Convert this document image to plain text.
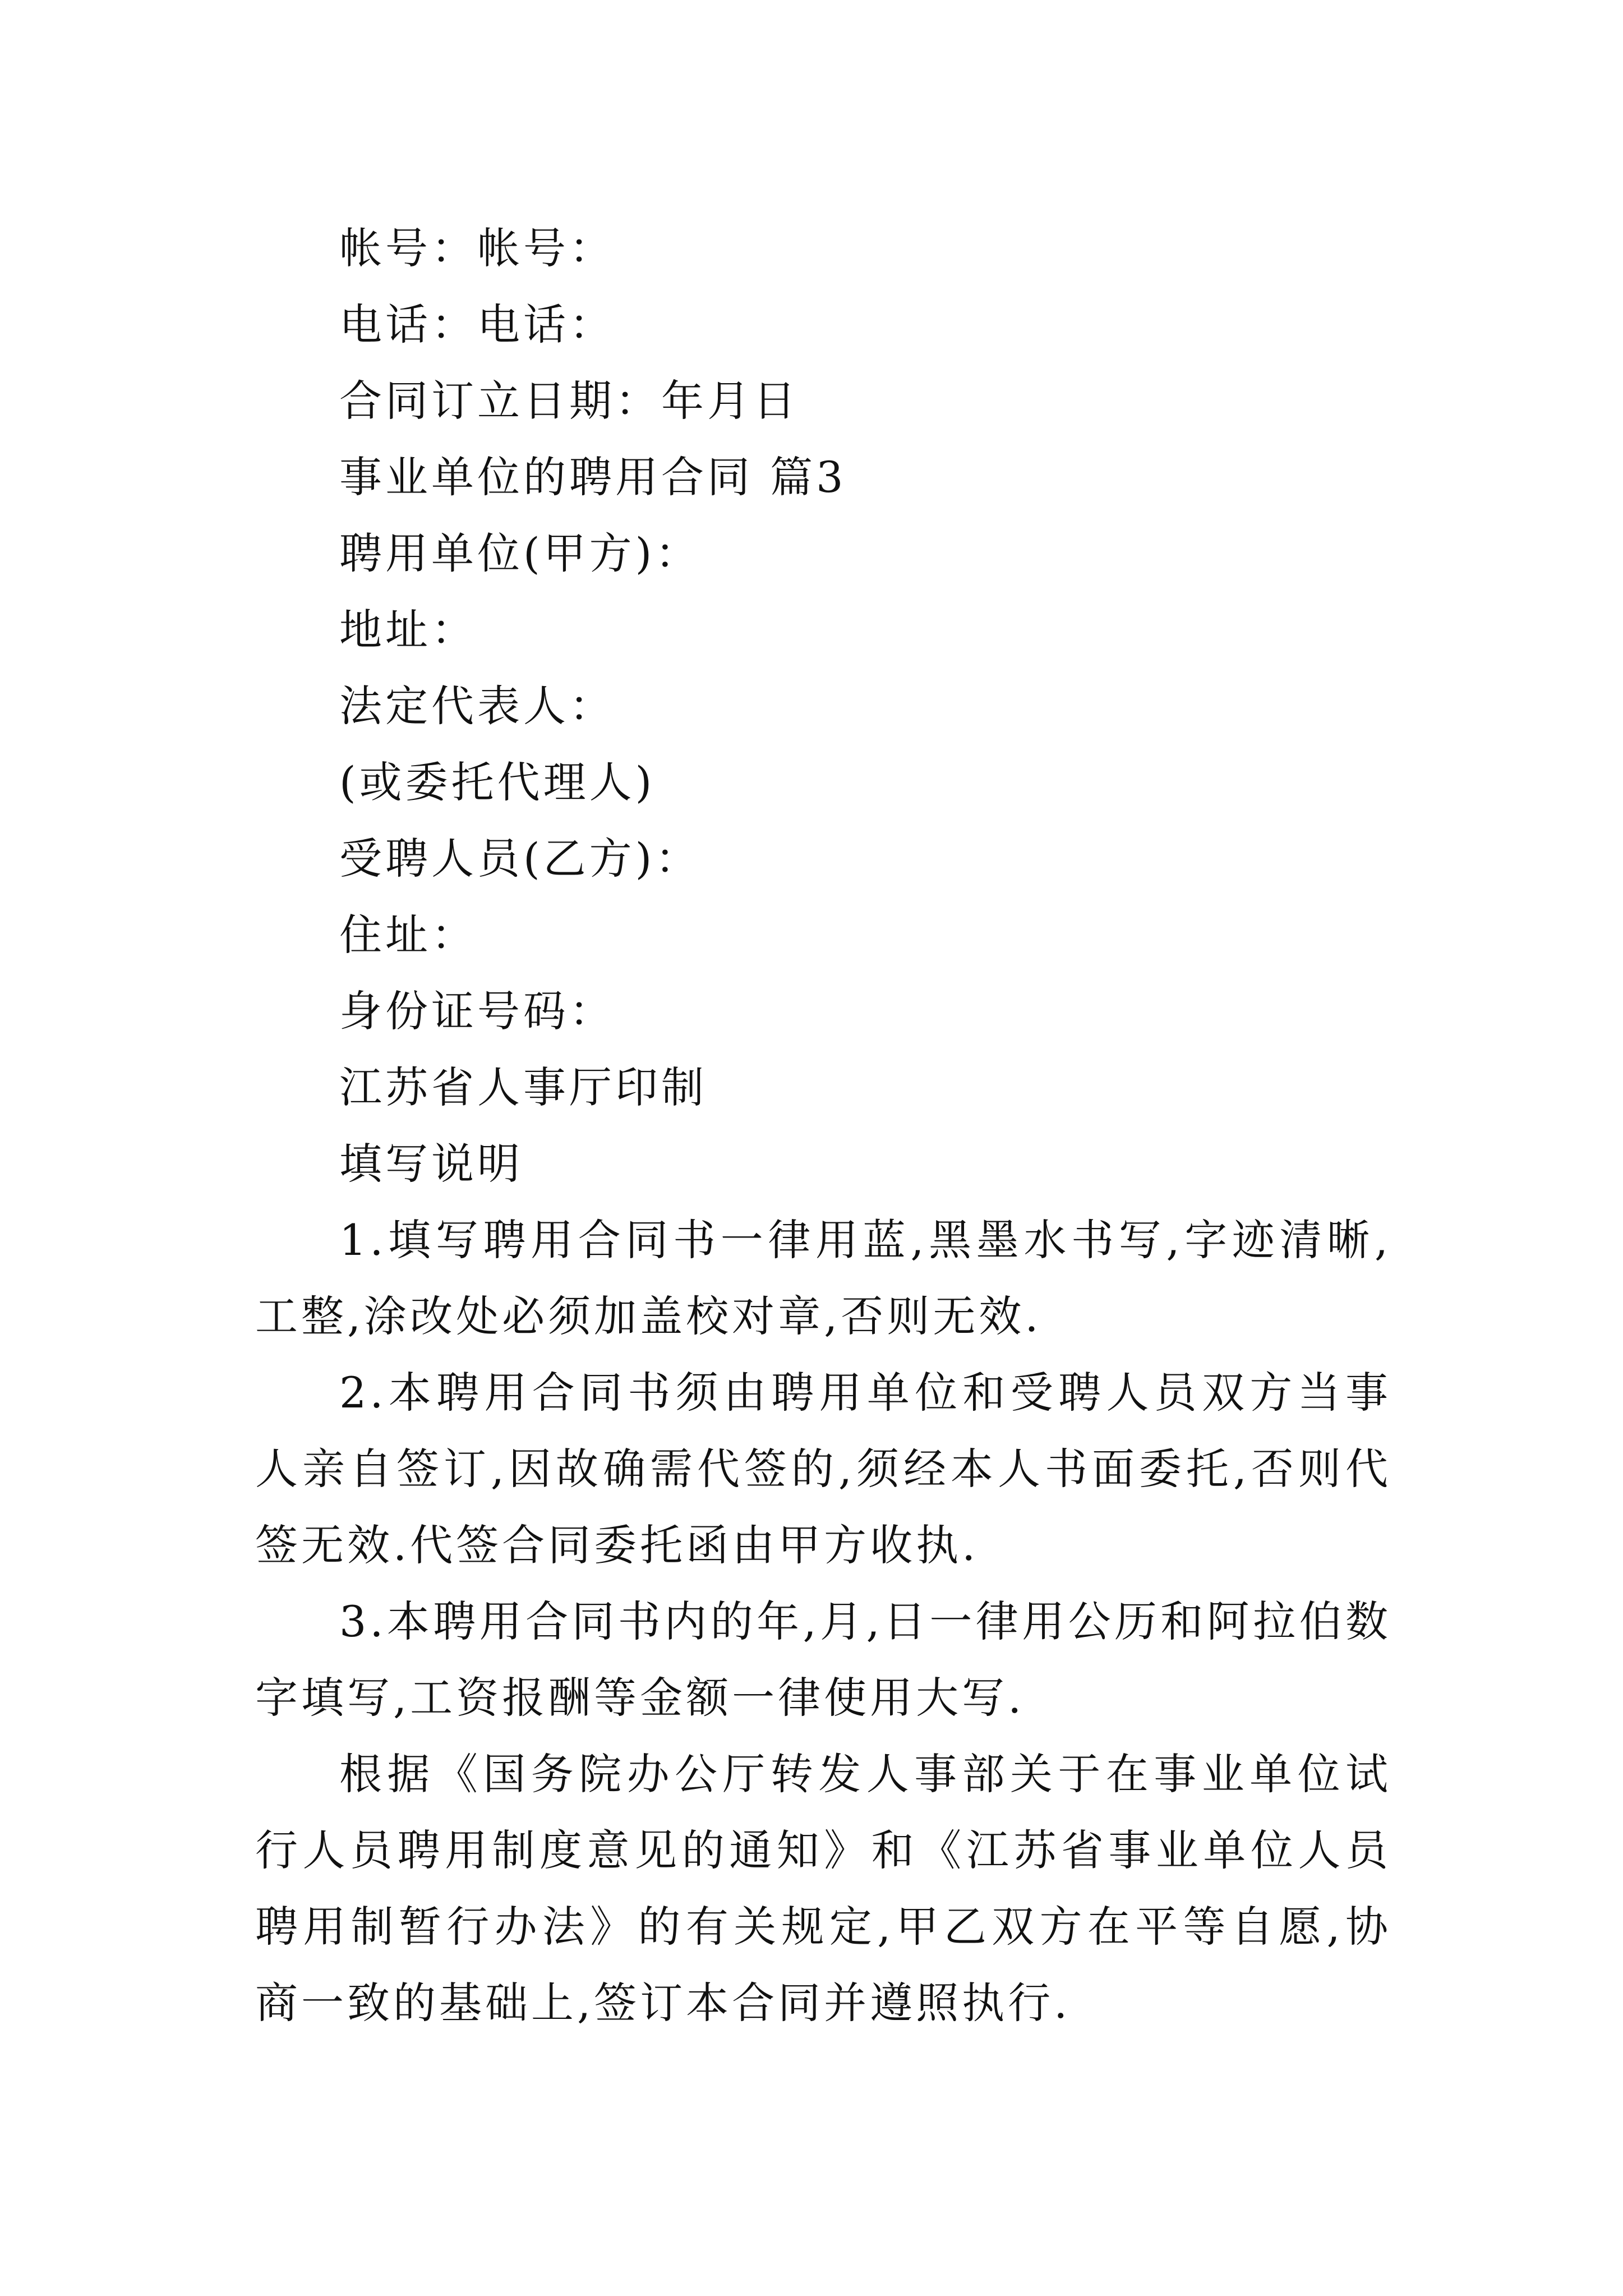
帐号：帐号：
电话：电话：
合同订立日期：年月日
事业单位的聘用合同 篇3
聘用单位(甲方)：
地址：
法定代表人：
(或委托代理人)
受聘人员(乙方)：
住址：
身份证号码：
江苏省人事厅印制
填写说明

1.填写聘用合同书一律用蓝,黑墨水书写,字迹清晰,工整,涂改处必须加盖校对章,否则无效.

2.本聘用合同书须由聘用单位和受聘人员双方当事人亲自签订,因故确需代签的,须经本人书面委托,否则代签无效.代签合同委托函由甲方收执.

3.本聘用合同书内的年,月,日一律用公历和阿拉伯数字填写,工资报酬等金额一律使用大写.

根据《国务院办公厅转发人事部关于在事业单位试行人员聘用制度意见的通知》和《江苏省事业单位人员聘用制暂行办法》的有关规定,甲乙双方在平等自愿,协商一致的基础上,签订本合同并遵照执行.
